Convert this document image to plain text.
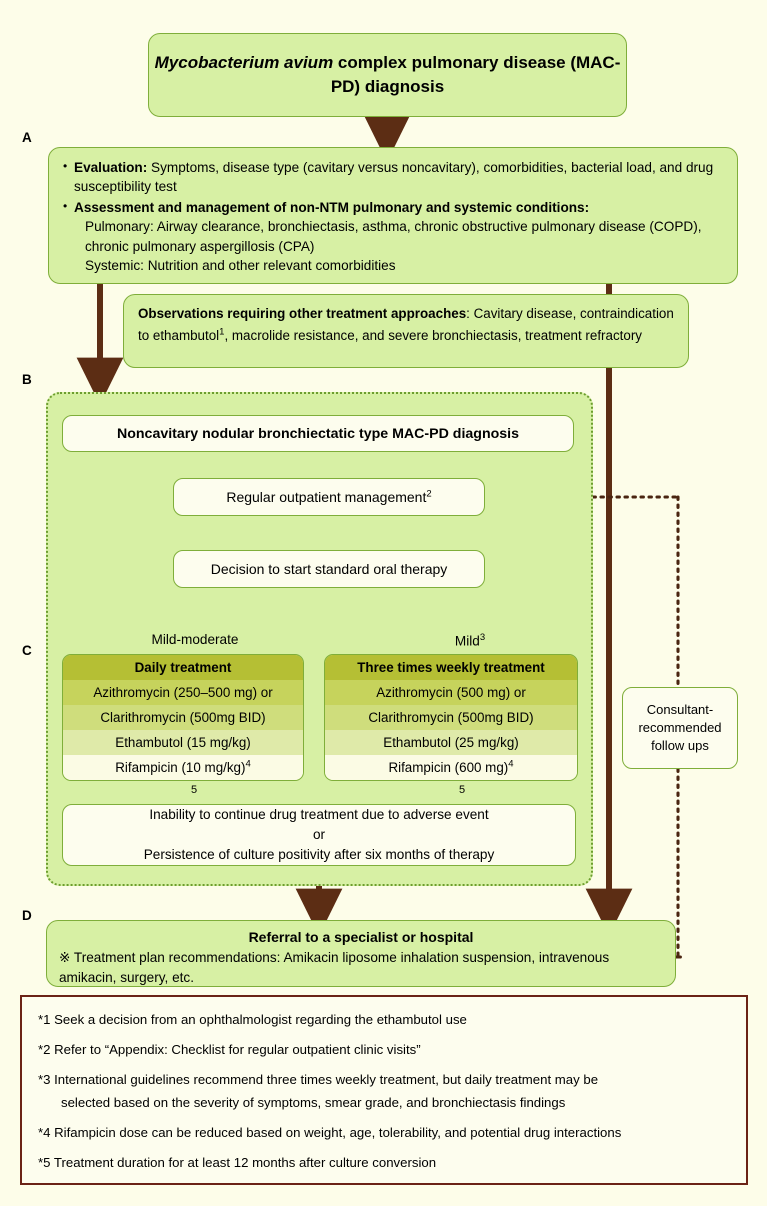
A
B
C
D
Mycobacterium avium complex pulmonary disease (MAC-PD) diagnosis
• Evaluation: Symptoms, disease type (cavitary versus noncavitary), comorbidities, bacterial load, and drug susceptibility test
• Assessment and management of non-NTM pulmonary and systemic conditions:
Pulmonary: Airway clearance, bronchiectasis, asthma, chronic obstructive pulmonary disease (COPD), chronic pulmonary aspergillosis (CPA)
Systemic: Nutrition and other relevant comorbidities
Observations requiring other treatment approaches: Cavitary disease, contraindication to ethambutol$^1$, macrolide resistance, and severe bronchiectasis, treatment refractory
Noncavitary nodular bronchiectatic type MAC-PD diagnosis
Regular outpatient management$^2$
Decision to start standard oral therapy
Mild-moderate	Mild$^3$
Daily treatment
Azithromycin (250–500 mg) or
Clarithromycin (500mg BID)
Ethambutol (15 mg/kg)
Rifampicin (10 mg/kg)$^4$
Three times weekly treatment
Azithromycin (500 mg) or
Clarithromycin (500mg BID)
Ethambutol (25 mg/kg)
Rifampicin (600 mg)$^4$
5	5
Inability to continue drug treatment due to adverse event
or
Persistence of culture positivity after six months of therapy
Consultant-
recommended
follow ups
Referral to a specialist or hospital
※ Treatment plan recommendations: Amikacin liposome inhalation suspension, intravenous amikacin, surgery, etc.
*1 Seek a decision from an ophthalmologist regarding the ethambutol use
*2 Refer to “Appendix: Checklist for regular outpatient clinic visits”
*3 International guidelines recommend three times weekly treatment, but daily treatment may be
selected based on the severity of symptoms, smear grade, and bronchiectasis findings
*4 Rifampicin dose can be reduced based on weight, age, tolerability, and potential drug interactions
*5 Treatment duration for at least 12 months after culture conversion
